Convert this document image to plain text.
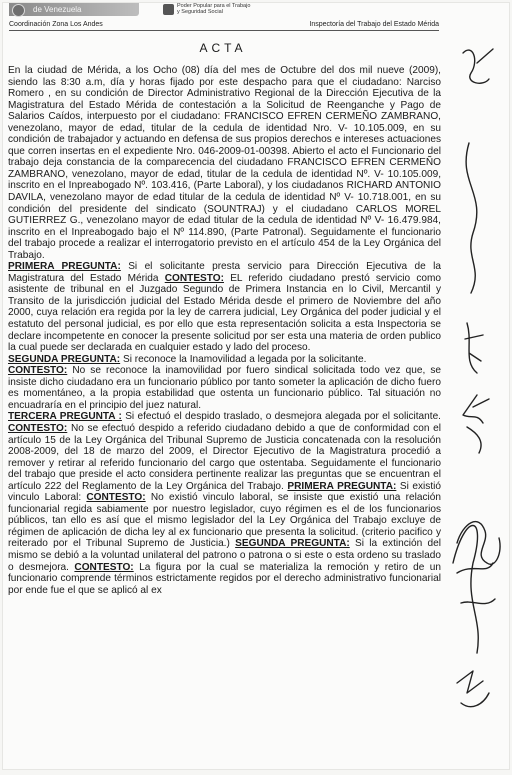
de Venezuela	Poder Popular para el Trabajo
y Seguridad Social
Coordinación Zona Los Andes	Inspectoría del Trabajo del Estado Mérida
ACTA

En la ciudad de Mérida, a los Ocho (08) día del mes de Octubre del dos mil nueve (2009), siendo las 8:30 a.m, día y horas fijado por este despacho para que el ciudadano: Narciso Romero , en su condición de Director Administrativo Regional de la Dirección Ejecutiva de la Magistratura del Estado Mérida de contestación a la Solicitud de Reenganche y Pago de Salarios Caídos, interpuesto por el ciudadano: FRANCISCO EFREN CERMEÑO ZAMBRANO, venezolano, mayor de edad, titular de la cedula de identidad Nro. V- 10.105.009, en su condición de trabajador y actuando en defensa de sus propios derechos e intereses actuaciones que corren insertas en el expediente Nro. 046-2009-01-00398. Abierto el acto el Funcionario del trabajo deja constancia de la comparecencia del ciudadano FRANCISCO EFREN CERMEÑO ZAMBRANO, venezolano, mayor de edad, titular de la cedula de identidad Nº. V- 10.105.009, inscrito en el Inpreabogado Nº. 103.416, (Parte Laboral), y los ciudadanos RICHARD ANTONIO DAVILA, venezolano mayor de edad titular de la cedula de identidad Nº V- 10.718.001, en su condición del presidente del sindicato (SOUNTRAJ) y el ciudadano CARLOS MOREL GUTIERREZ G., venezolano mayor de edad titular de la cedula de identidad Nº V- 16.479.984, inscrito en el Inpreabogado bajo el Nº 114.890, (Parte Patronal). Seguidamente el funcionario del trabajo procede a realizar el interrogatorio previsto en el artículo 454 de la Ley Orgánica del Trabajo.

PRIMERA PREGUNTA: Si el solicitante presta servicio para Dirección Ejecutiva de la Magistratura del Estado Mérida CONTESTO: EL referido ciudadano prestó servicio como asistente de tribunal en el Juzgado Segundo de Primera Instancia en lo Civil, Mercantil y Transito de la jurisdicción judicial del Estado Mérida desde el primero de Noviembre del año 2000, cuya relación era regida por la ley de carrera judicial, Ley Orgánica del poder judicial y el estatuto del personal judicial, es por ello que esta representación solicita a esta Inspectoria se declare incompetente en conocer la presente solicitud por ser esta una materia de orden publico la cual puede ser declarada en cualquier estado y lado del proceso.

SEGUNDA PREGUNTA: Si reconoce la Inamovilidad a legada por la solicitante.

CONTESTO: No se reconoce la inamovilidad por fuero sindical solicitada todo vez que, se insiste dicho ciudadano era un funcionario público por tanto someter la aplicación de dicho fuero es momentáneo, a la propia estabilidad que ostenta un funcionario público. Tal situación no encuadraría en el principio del juez natural.

TERCERA PREGUNTA : Si efectuó el despido traslado, o desmejora alegada por el solicitante. CONTESTO: No se efectuó despido a referido ciudadano debido a que de conformidad con el artículo 15 de la Ley Orgánica del Tribunal Supremo de Justicia concatenada con la resolución 2008-2009, del 18 de marzo del 2009, el Director Ejecutivo de la Magistratura procedió a remover y retirar al referido funcionario del cargo que ostentaba. Seguidamente el funcionario del trabajo que preside el acto considera pertinente realizar las preguntas que se encuentran el artículo 222 del Reglamento de la Ley Orgánica del Trabajo. PRIMERA PREGUNTA: Si existió vinculo Laboral: CONTESTO: No existió vinculo laboral, se insiste que existió una relación funcionarial regida sabiamente por nuestro legislador, cuyo régimen es el de los funcionarios públicos, tan ello es así que el mismo legislador del la Ley Orgánica del Trabajo excluye de régimen de aplicación de dicha ley al ex funcionario que presenta la solicitud. (criterio pacifico y reiterado por el Tribunal Supremo de Justicia.) SEGUNDA PREGUNTA: Si la extinción del mismo se debió a la voluntad unilateral del patrono o patrona o si este o esta ordeno su traslado o desmejora. CONTESTO: La figura por la cual se materializa la remoción y retiro de un funcionario comprende términos estrictamente regidos por el derecho administrativo funcionarial por ende fue el que se aplicó al ex
